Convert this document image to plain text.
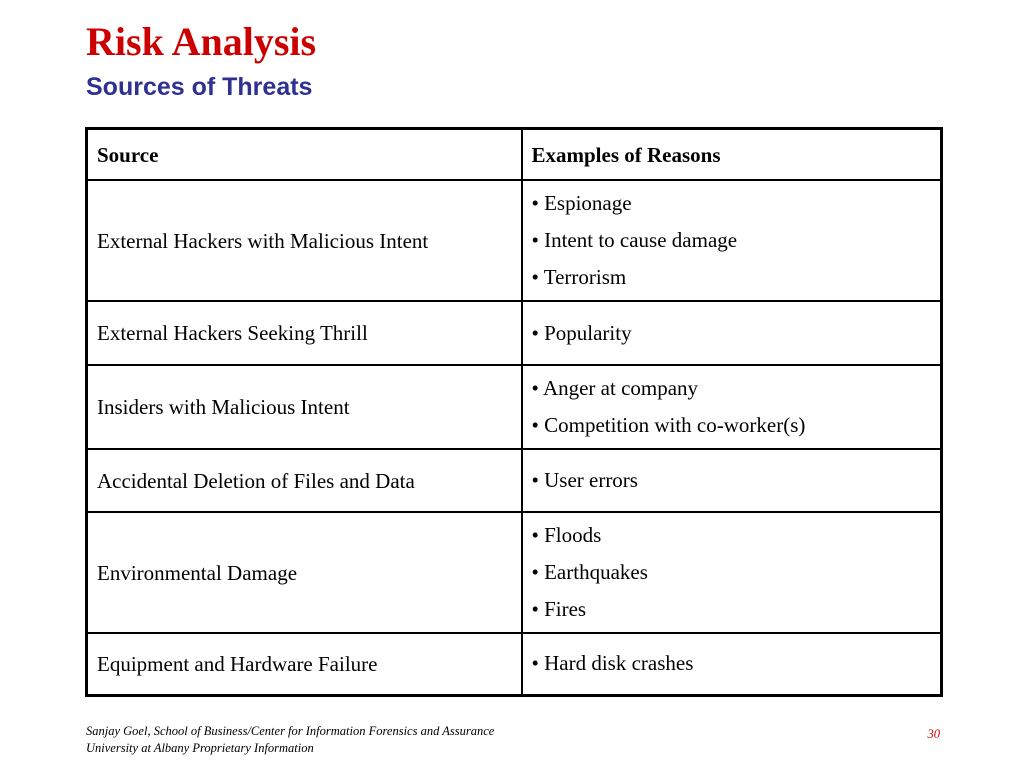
Risk Analysis
Sources of Threats
Source	Examples of Reasons
External Hackers with Malicious Intent	• Espionage
• Intent to cause damage
• Terrorism

External Hackers Seeking Thrill	• Popularity

Insiders with Malicious Intent	• Anger at company
• Competition with co-worker(s)

Accidental Deletion of Files and Data	• User errors

Environmental Damage	• Floods
• Earthquakes
• Fires

Equipment and Hardware Failure	• Hard disk crashes
Sanjay Goel, School of Business/Center for Information Forensics and Assurance
University at Albany Proprietary Information
30
